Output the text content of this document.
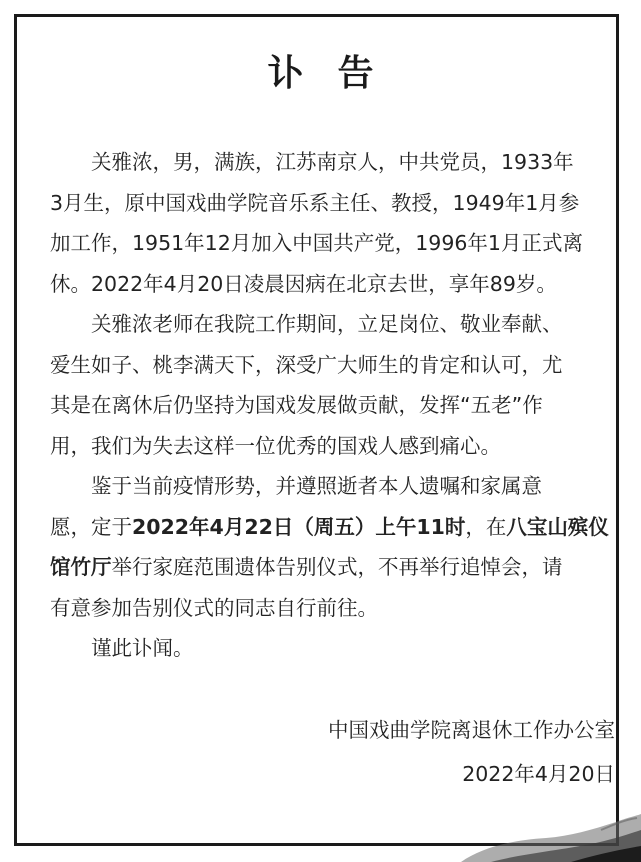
讣告

关雅浓，男，满族，江苏南京人，中共党员，1933年
3月生，原中国戏曲学院音乐系主任、教授，1949年1月参
加工作，1951年12月加入中国共产党，1996年1月正式离
休。2022年4月20日凌晨因病在北京去世，享年89岁。

关雅浓老师在我院工作期间，立足岗位、敬业奉献、
爱生如子、桃李满天下，深受广大师生的肯定和认可，尤
其是在离休后仍坚持为国戏发展做贡献，发挥“五老”作
用，我们为失去这样一位优秀的国戏人感到痛心。

鉴于当前疫情形势，并遵照逝者本人遗嘱和家属意
愿，定于2022年4月22日（周五）上午11时，在八宝山殡仪
馆竹厅举行家庭范围遗体告别仪式，不再举行追悼会，请
有意参加告别仪式的同志自行前往。

谨此讣闻。

中国戏曲学院离退休工作办公室
2022年4月20日
